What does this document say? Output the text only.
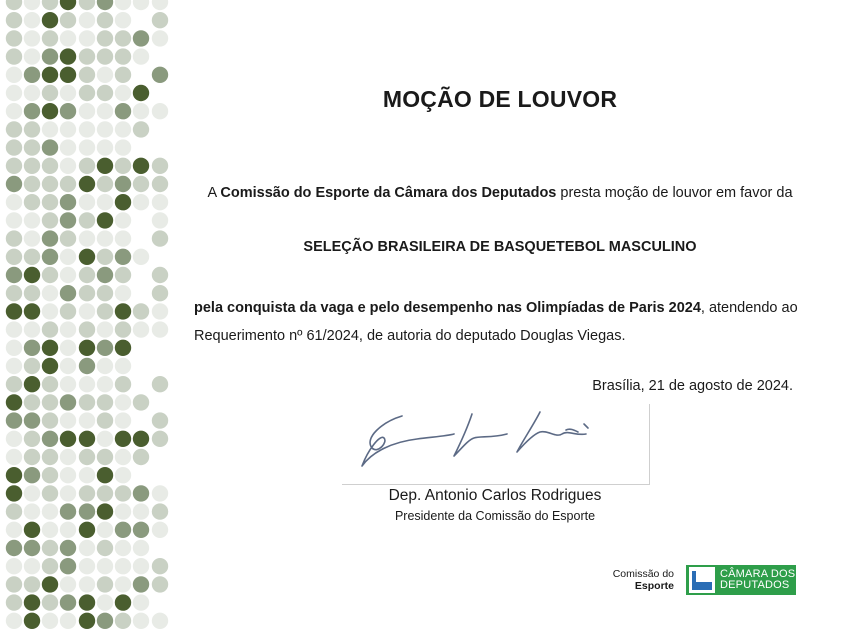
MOÇÃO DE LOUVOR
A Comissão do Esporte da Câmara dos Deputados presta moção de louvor em favor da
SELEÇÃO BRASILEIRA DE BASQUETEBOL MASCULINO
pela conquista da vaga e pelo desempenho nas Olimpíadas de Paris 2024, atendendo ao Requerimento nº 61/2024, de autoria do deputado Douglas Viegas.
Brasília, 21 de agosto de 2024.
Dep. Antonio Carlos Rodrigues
Presidente da Comissão do Esporte
Comissão do
Esporte
CÂMARA DOS
DEPUTADOS
